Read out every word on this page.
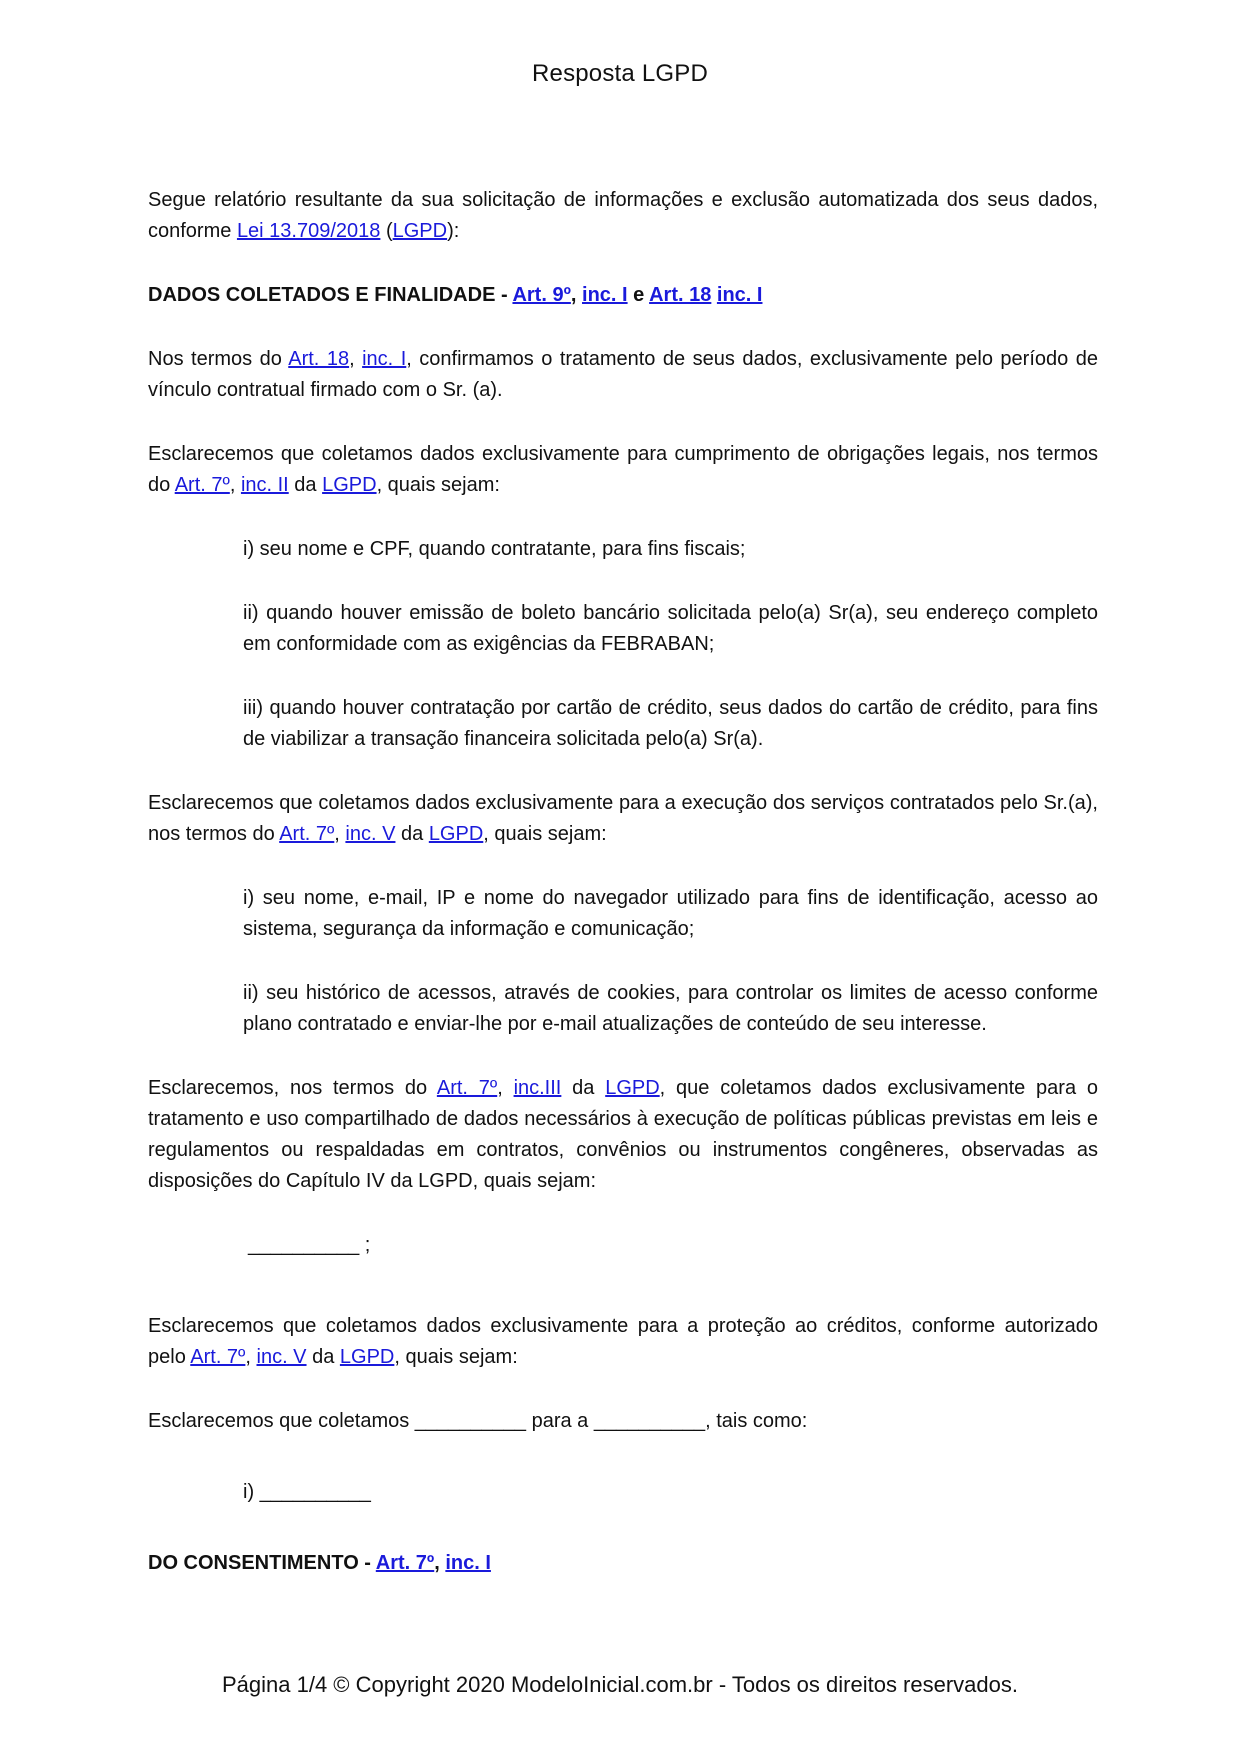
Resposta LGPD

Segue relatório resultante da sua solicitação de informações e exclusão automatizada dos seus dados, conforme Lei 13.709/2018 (LGPD):

DADOS COLETADOS E FINALIDADE - Art. 9º, inc. I e Art. 18 inc. I

Nos termos do Art. 18, inc. I, confirmamos o tratamento de seus dados, exclusivamente pelo período de vínculo contratual firmado com o Sr. (a).

Esclarecemos que coletamos dados exclusivamente para cumprimento de obrigações legais, nos termos do Art. 7º, inc. II da LGPD, quais sejam:

i) seu nome e CPF, quando contratante, para fins fiscais;

ii) quando houver emissão de boleto bancário solicitada pelo(a) Sr(a), seu endereço completo em conformidade com as exigências da FEBRABAN;

iii) quando houver contratação por cartão de crédito, seus dados do cartão de crédito, para fins de viabilizar a transação financeira solicitada pelo(a) Sr(a).

Esclarecemos que coletamos dados exclusivamente para a execução dos serviços contratados pelo Sr.(a), nos termos do Art. 7º, inc. V da LGPD, quais sejam:

i) seu nome, e-mail, IP e nome do navegador utilizado para fins de identificação, acesso ao sistema, segurança da informação e comunicação;

ii) seu histórico de acessos, através de cookies, para controlar os limites de acesso conforme plano contratado e enviar-lhe por e-mail atualizações de conteúdo de seu interesse.

Esclarecemos, nos termos do Art. 7º, inc.III da LGPD, que coletamos dados exclusivamente para o tratamento e uso compartilhado de dados necessários à execução de políticas públicas previstas em leis e regulamentos ou respaldadas em contratos, convênios ou instrumentos congêneres, observadas as disposições do Capítulo IV da LGPD, quais sejam:

__________ ;

Esclarecemos que coletamos dados exclusivamente para a proteção ao créditos, conforme autorizado pelo Art. 7º, inc. V da LGPD, quais sejam:

Esclarecemos que coletamos __________ para a __________, tais como:

i) __________

DO CONSENTIMENTO - Art. 7º, inc. I

Página 1/4 © Copyright 2020 ModeloInicial.com.br - Todos os direitos reservados.
